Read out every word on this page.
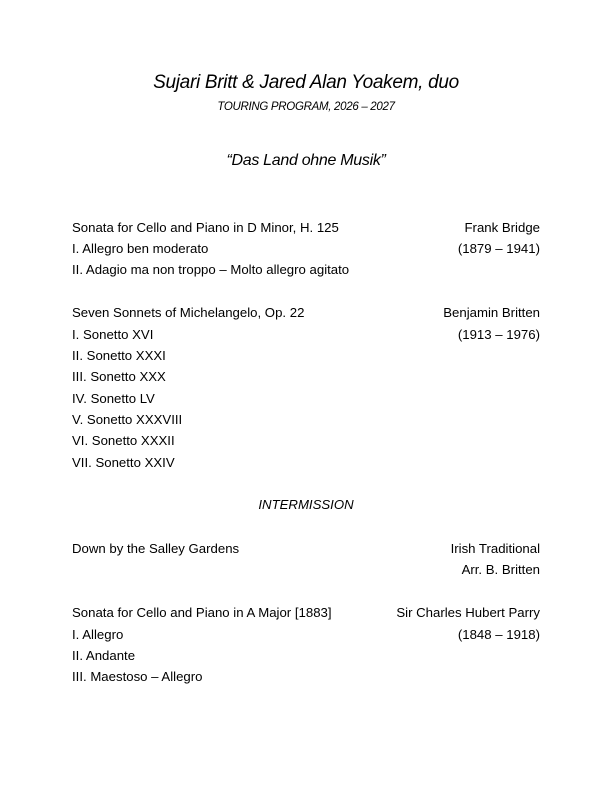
Sujari Britt & Jared Alan Yoakem, duo
TOURING PROGRAM, 2026 – 2027
“Das Land ohne Musik”
Sonata for Cello and Piano in D Minor, H. 125	Frank Bridge
I. Allegro ben moderato	(1879 – 1941)
II. Adagio ma non troppo – Molto allegro agitato
Seven Sonnets of Michelangelo, Op. 22	Benjamin Britten
I. Sonetto XVI	(1913 – 1976)
II. Sonetto XXXI
III. Sonetto XXX
IV. Sonetto LV
V. Sonetto XXXVIII
VI. Sonetto XXXII
VII. Sonetto XXIV
INTERMISSION
Down by the Salley Gardens	Irish Traditional
Arr. B. Britten
Sonata for Cello and Piano in A Major [1883]	Sir Charles Hubert Parry
I. Allegro	(1848 – 1918)
II. Andante
III. Maestoso – Allegro
